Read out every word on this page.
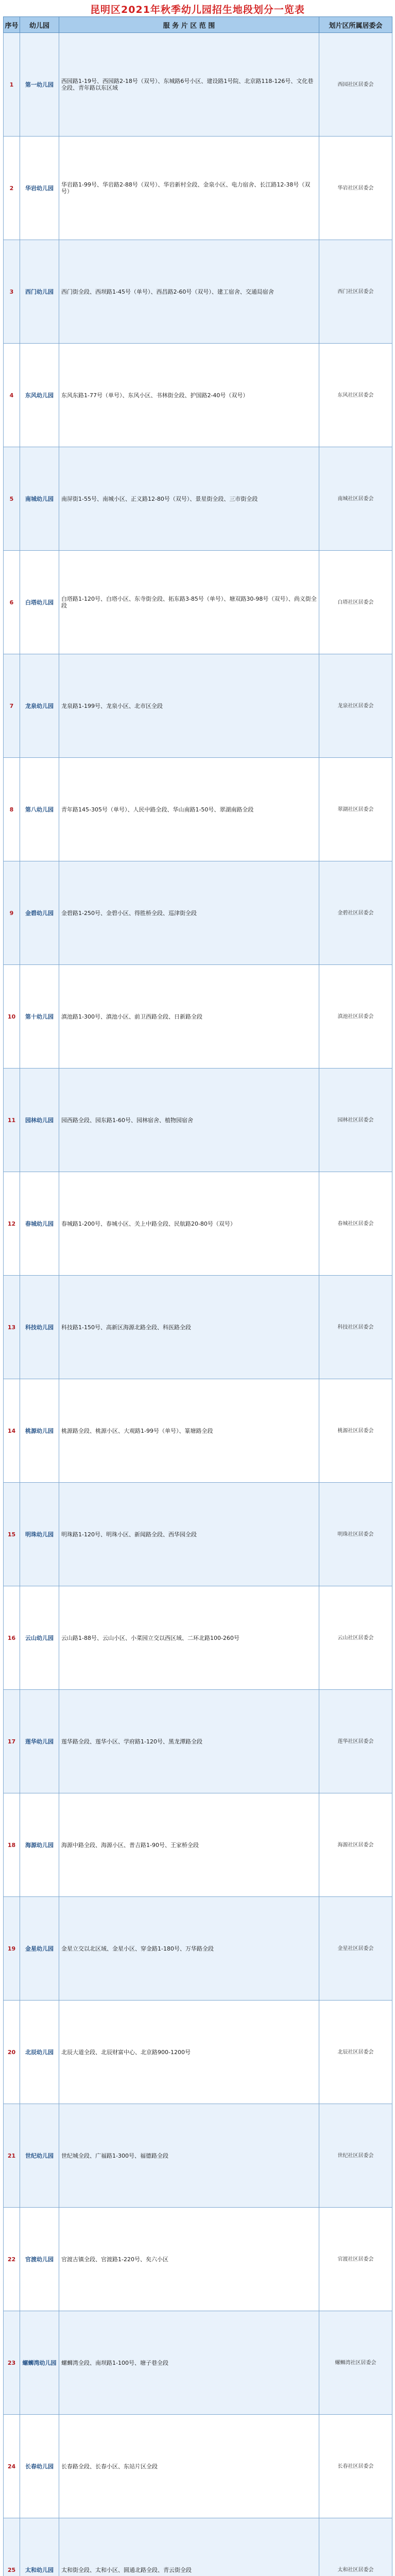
昆明区2021年秋季幼儿园招生地段划分一览表
序号	幼儿园	服 务 片 区 范 围	划片区所属居委会
1	第一幼儿园	西园路1-19号、西园路2-18号（双号）、东城路6号小区、建设路1号院、北京路118-126号、文化巷全段、青年路以东区域	西园社区居委会
2	华岩幼儿园	华岩路1-99号、华岩路2-88号（双号）、华岩新村全段、金泉小区、电力宿舍、长江路12-38号（双号）	华岩社区居委会
3	西门幼儿园	西门街全段、西坝路1-45号（单号）、西昌路2-60号（双号）、建工宿舍、交通局宿舍	西门社区居委会
4	东风幼儿园	东风东路1-77号（单号）、东风小区、书林街全段、护国路2-40号（双号）	东风社区居委会
5	南城幼儿园	南屏街1-55号、南城小区、正义路12-80号（双号）、景星街全段、三市街全段	南城社区居委会
6	白塔幼儿园	白塔路1-120号、白塔小区、东寺街全段、拓东路3-85号（单号）、塘双路30-98号（双号）、尚义街全段	白塔社区居委会
7	龙泉幼儿园	龙泉路1-199号、龙泉小区、北市区全段	龙泉社区居委会
8	第八幼儿园	青年路145-305号（单号）、人民中路全段、华山南路1-50号、翠湖南路全段	翠湖社区居委会
9	金碧幼儿园	金碧路1-250号、金碧小区、得胜桥全段、巡津街全段	金碧社区居委会
10	第十幼儿园	滇池路1-300号、滇池小区、前卫西路全段、日新路全段	滇池社区居委会
11	园林幼儿园	园西路全段、园东路1-60号、园林宿舍、植物园宿舍	园林社区居委会
12	春城幼儿园	春城路1-200号、春城小区、关上中路全段、民航路20-80号（双号）	春城社区居委会
13	科技幼儿园	科技路1-150号、高新区海源北路全段、科医路全段	科技社区居委会
14	桃源幼儿园	桃源路全段、桃源小区、大观路1-99号（单号）、篆塘路全段	桃源社区居委会
15	明珠幼儿园	明珠路1-120号、明珠小区、新闻路全段、西华园全段	明珠社区居委会
16	云山幼儿园	云山路1-88号、云山小区、小菜园立交以西区域、二环北路100-260号	云山社区居委会
17	莲华幼儿园	莲华路全段、莲华小区、学府路1-120号、黑龙潭路全段	莲华社区居委会
18	海源幼儿园	海源中路全段、海源小区、普吉路1-90号、王家桥全段	海源社区居委会
19	金星幼儿园	金星立交以北区域、金星小区、穿金路1-180号、万华路全段	金星社区居委会
20	北辰幼儿园	北辰大道全段、北辰财富中心、北京路900-1200号	北辰社区居委会
21	世纪幼儿园	世纪城全段、广福路1-300号、福德路全段	世纪社区居委会
22	官渡幼儿园	官渡古镇全段、官渡路1-220号、矣六小区	官渡社区居委会
23	螺蛳湾幼儿园	螺蛳湾全段、南坝路1-100号、塘子巷全段	螺蛳湾社区居委会
24	长春幼儿园	长春路全段、长春小区、东站片区全段	长春社区居委会
25	太和幼儿园	太和街全段、太和小区、圆通北路全段、青云街全段	太和社区居委会
